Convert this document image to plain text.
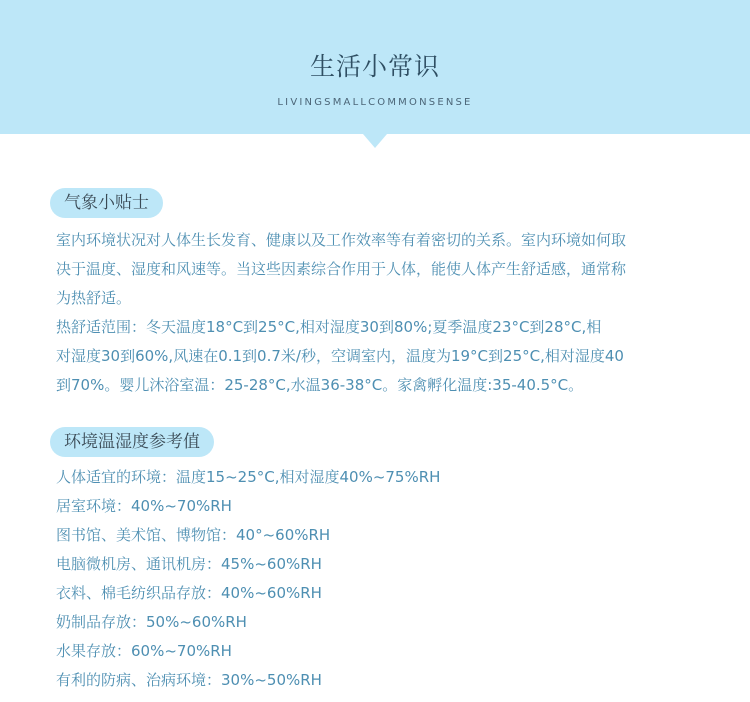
生活小常识
LIVINGSMALLCOMMONSENSE
气象小贴士
室内环境状况对人体生长发育、健康以及工作效率等有着密切的关系。室内环境如何取
决于温度、湿度和风速等。当这些因素综合作用于人体，能使人体产生舒适感，通常称
为热舒适。
热舒适范围：冬天温度18°C到25°C,相对湿度30到80%;夏季温度23°C到28°C,相
对湿度30到60%,风速在0.1到0.7米/秒，空调室内，温度为19°C到25°C,相对湿度40
到70%。婴儿沐浴室温：25-28°C,水温36-38°C。家禽孵化温度:35-40.5°C。
环境温湿度参考值
人体适宜的环境：温度15~25°C,相对湿度40%~75%RH
居室环境：40%~70%RH
图书馆、美术馆、博物馆：40°~60%RH
电脑微机房、通讯机房：45%~60%RH
衣料、棉毛纺织品存放：40%~60%RH
奶制品存放：50%~60%RH
水果存放：60%~70%RH
有利的防病、治病环境：30%~50%RH
